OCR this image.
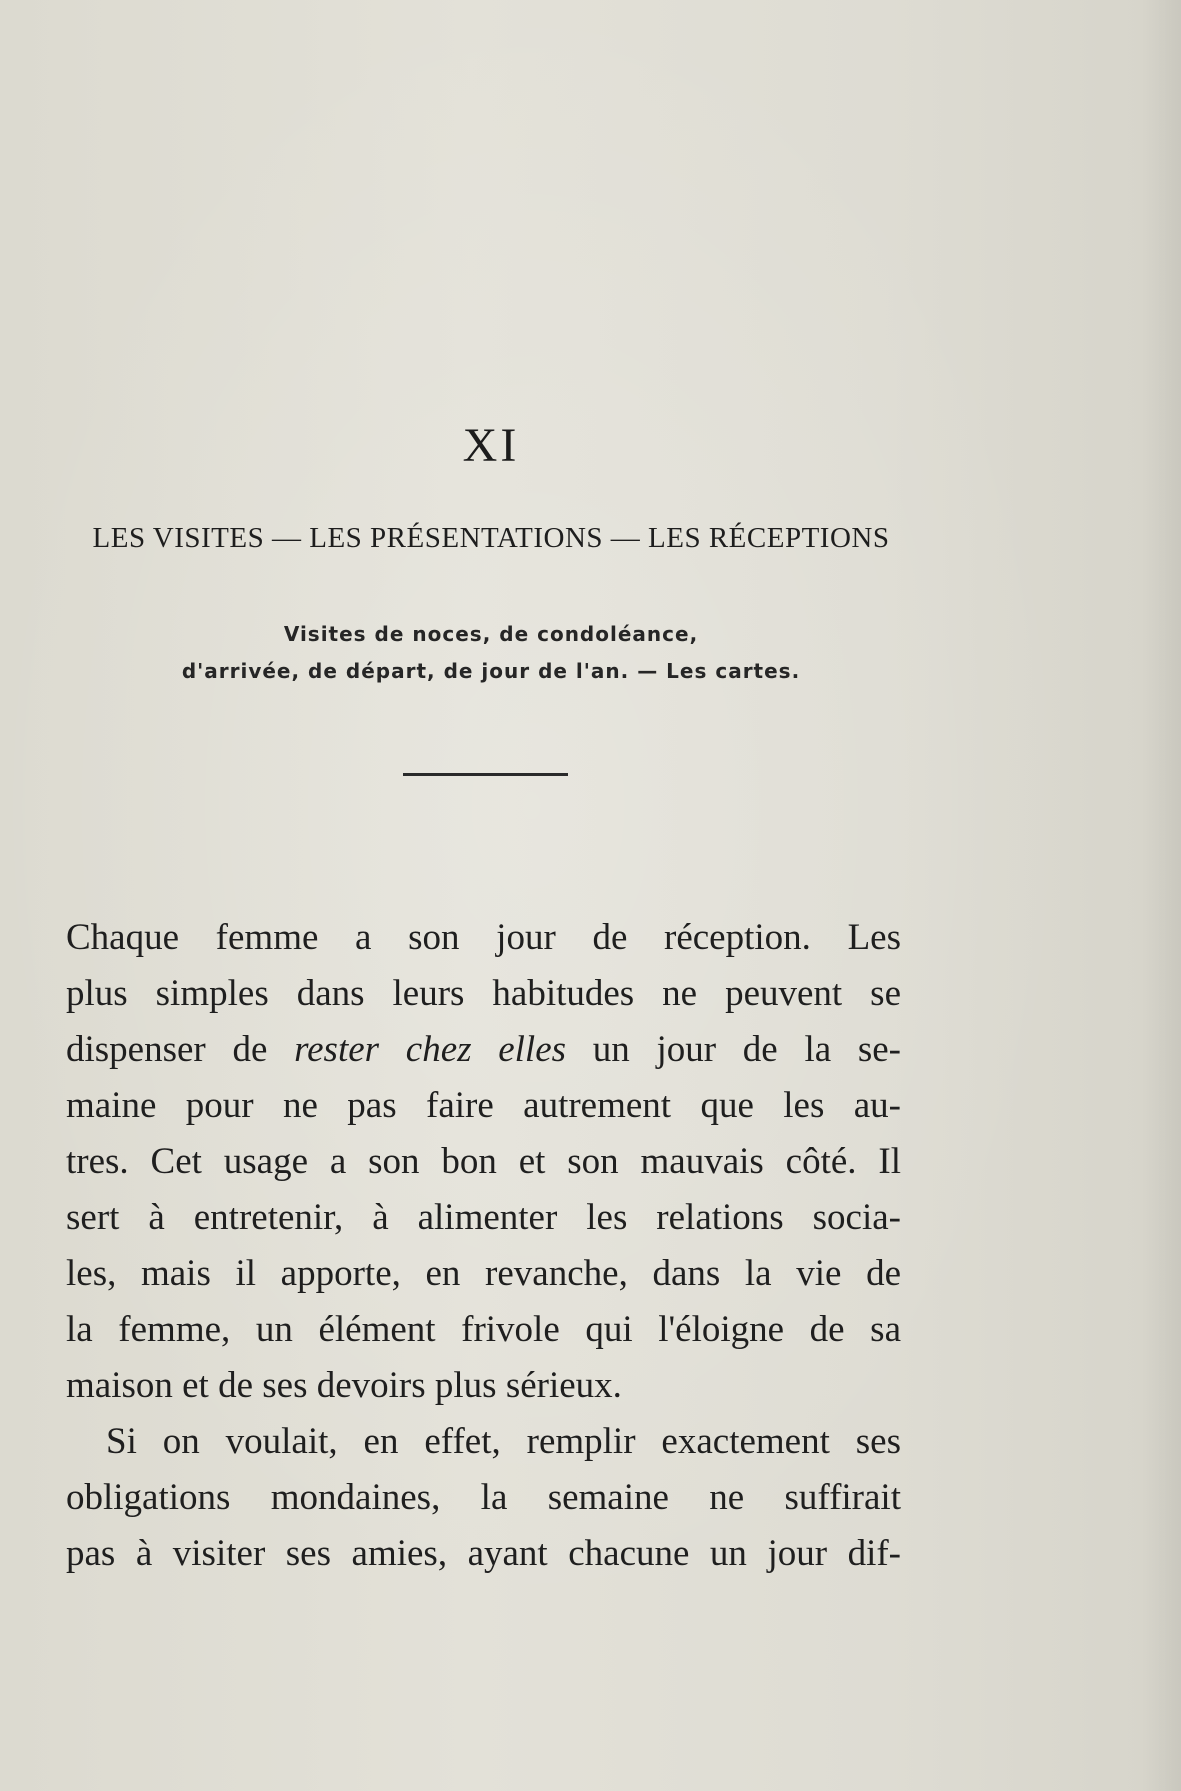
XI
LES VISITES — LES PRÉSENTATIONS — LES RÉCEPTIONS
Visites de noces, de condoléance,
d'arrivée, de départ, de jour de l'an. — Les cartes.
Chaque femme a son jour de réception. Les
plus simples dans leurs habitudes ne peuvent se
dispenser de rester chez elles un jour de la se-
maine pour ne pas faire autrement que les au-
tres. Cet usage a son bon et son mauvais côté. Il
sert à entretenir, à alimenter les relations socia-
les, mais il apporte, en revanche, dans la vie de
la femme, un élément frivole qui l'éloigne de sa
maison et de ses devoirs plus sérieux.
Si on voulait, en effet, remplir exactement ses
obligations mondaines, la semaine ne suffirait
pas à visiter ses amies, ayant chacune un jour dif-
